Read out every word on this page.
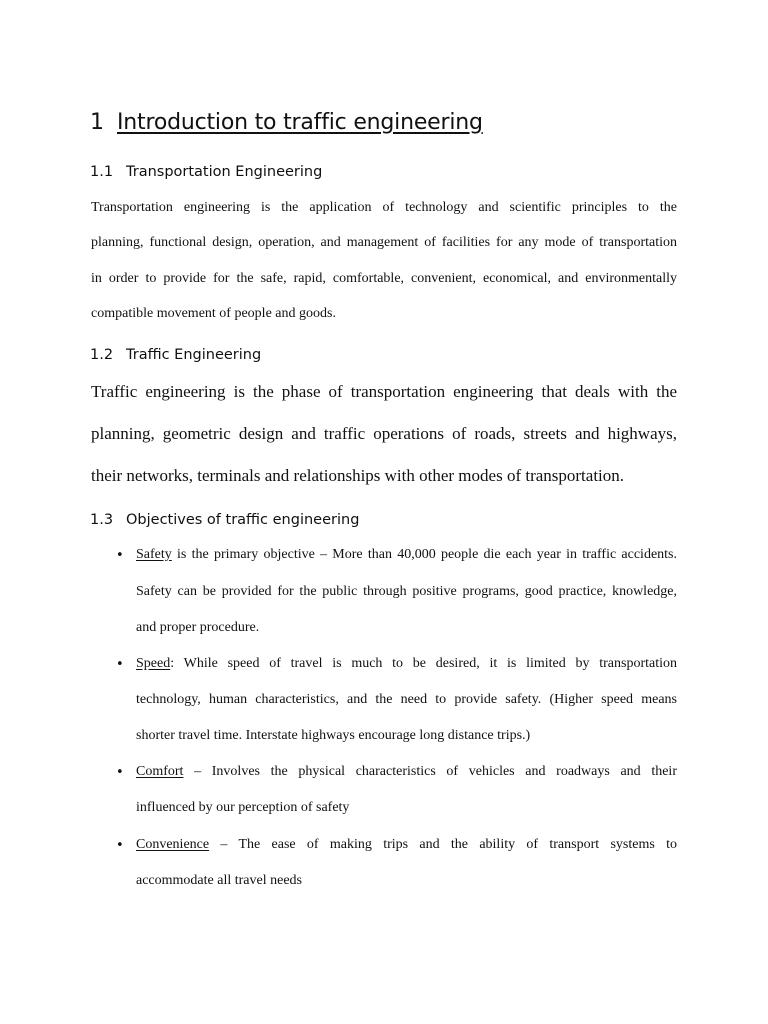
1 Introduction to traffic engineering
1.1 Transportation Engineering
Transportation engineering is the application of technology and scientific principles to the
planning, functional design, operation, and management of facilities for any mode of transportation
in order to provide for the safe, rapid, comfortable, convenient, economical, and environmentally
compatible movement of people and goods.
1.2 Traffic Engineering
Traffic engineering is the phase of transportation engineering that deals with the
planning, geometric design and traffic operations of roads, streets and highways,
their networks, terminals and relationships with other modes of transportation.
1.3 Objectives of traffic engineering
• Safety is the primary objective – More than 40,000 people die each year in traffic accidents.
Safety can be provided for the public through positive programs, good practice, knowledge,
and proper procedure.
• Speed: While speed of travel is much to be desired, it is limited by transportation
technology, human characteristics, and the need to provide safety. (Higher speed means
shorter travel time. Interstate highways encourage long distance trips.)
• Comfort – Involves the physical characteristics of vehicles and roadways and their
influenced by our perception of safety
• Convenience – The ease of making trips and the ability of transport systems to
accommodate all travel needs
